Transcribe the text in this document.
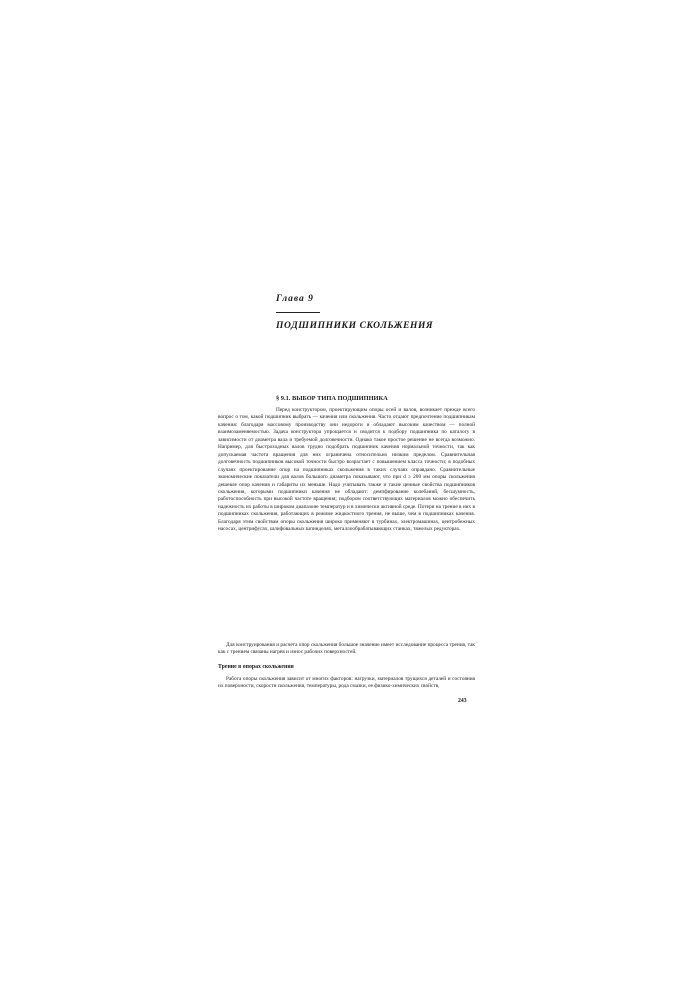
Глава 9
ПОДШИПНИКИ СКОЛЬЖЕНИЯ
§ 9.1. ВЫБОР ТИПА ПОДШИПНИКА

Перед конструктором, проектирующим опоры осей и валов, возникает прежде всего вопрос о том, какой подшипник выбрать — качения или скольжения. Часто отдают предпочтение подшипникам качения: благодаря массовому производству они недороги и обладают высоким качеством — полной взаимозаменяемостью. Задача конструктора упрощается и сводится к подбору подшипника по каталогу в зависимости от диаметра вала и требуемой долговечности. Однако такое простое решение не всегда возможно. Например, для быстроходных валов трудно подобрать подшипник качения нормальной точности, так как допускаемая частота вращения для них ограничена относительно низким пределом. Сравнительная долговечность подшипников высокой точности быстро возрастает с повышением класса точности; в подобных случаях проектирование опор на подшипниках скольжения в таких случаях оправдано. Сравнительные экономические показатели для валов большого диаметра показывают, что при d ≥ 200 мм опоры скольжения дешевле опор качения и габариты их меньше. Надо учитывать также и такие ценные свойства подшипников скольжения, которыми подшипники качения не обладают: демпфирование колебаний, бесшумность, работоспособность при высокой частоте вращения; подбором соответствующих материалов можно обеспечить надежность их работы в широком диапазоне температур и в химически активной среде. Потери на трение в них в подшипниках скольжения, работающих в режиме жидкостного трения, не выше, чем в подшипниках качения. Благодаря этим свойствам опоры скольжения широко применяют в турбинах, электромашинах, центробежных насосах, центрифугах, шлифовальных шпинделях, металлообрабатывающих станках, тяжелых редукторах.

Для конструирования и расчета опор скольжения большое значение имеет исследование процесса трения, так как с трением связаны нагрев и износ рабочих поверхностей.

Трение в опорах скольжения

Работа опоры скольжения зависит от многих факторов: нагрузки, материалов трущихся деталей и состояния их поверхности, скорости скольжения, температуры, рода смазки, ее физико-химических свойств,

243
